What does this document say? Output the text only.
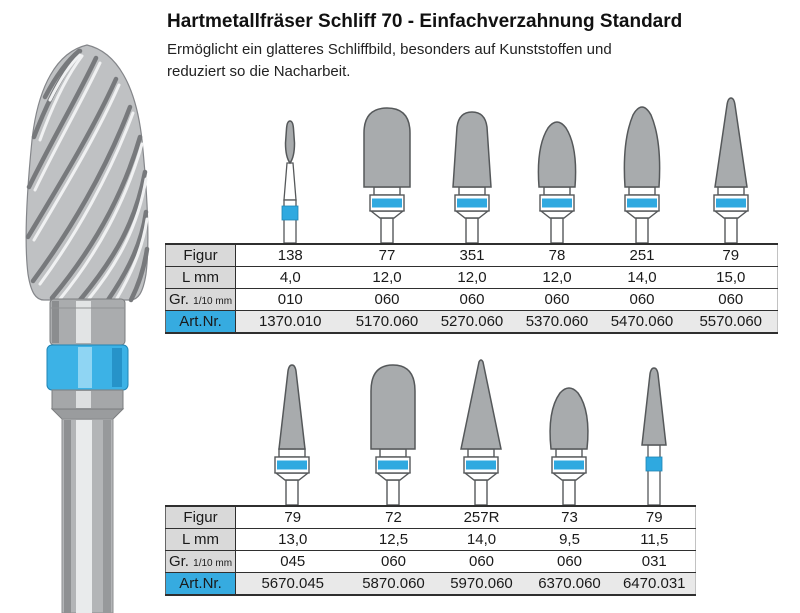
Hartmetallfräser Schliff 70 - Einfachverzahnung Standard
Ermöglicht ein glatteres Schliffbild, besonders auf Kunststoffen und
reduziert so die Nacharbeit.
Figur	138	77	351	78	251	79
L mm	4,0	12,0	12,0	12,0	14,0	15,0
Gr. 1/10 mm	010	060	060	060	060	060
Art.Nr.	1370.010	5170.060	5270.060	5370.060	5470.060	5570.060
Figur	79	72	257R	73	79
L mm	13,0	12,5	14,0	9,5	11,5
Gr. 1/10 mm	045	060	060	060	031
Art.Nr.	5670.045	5870.060	5970.060	6370.060	6470.031
